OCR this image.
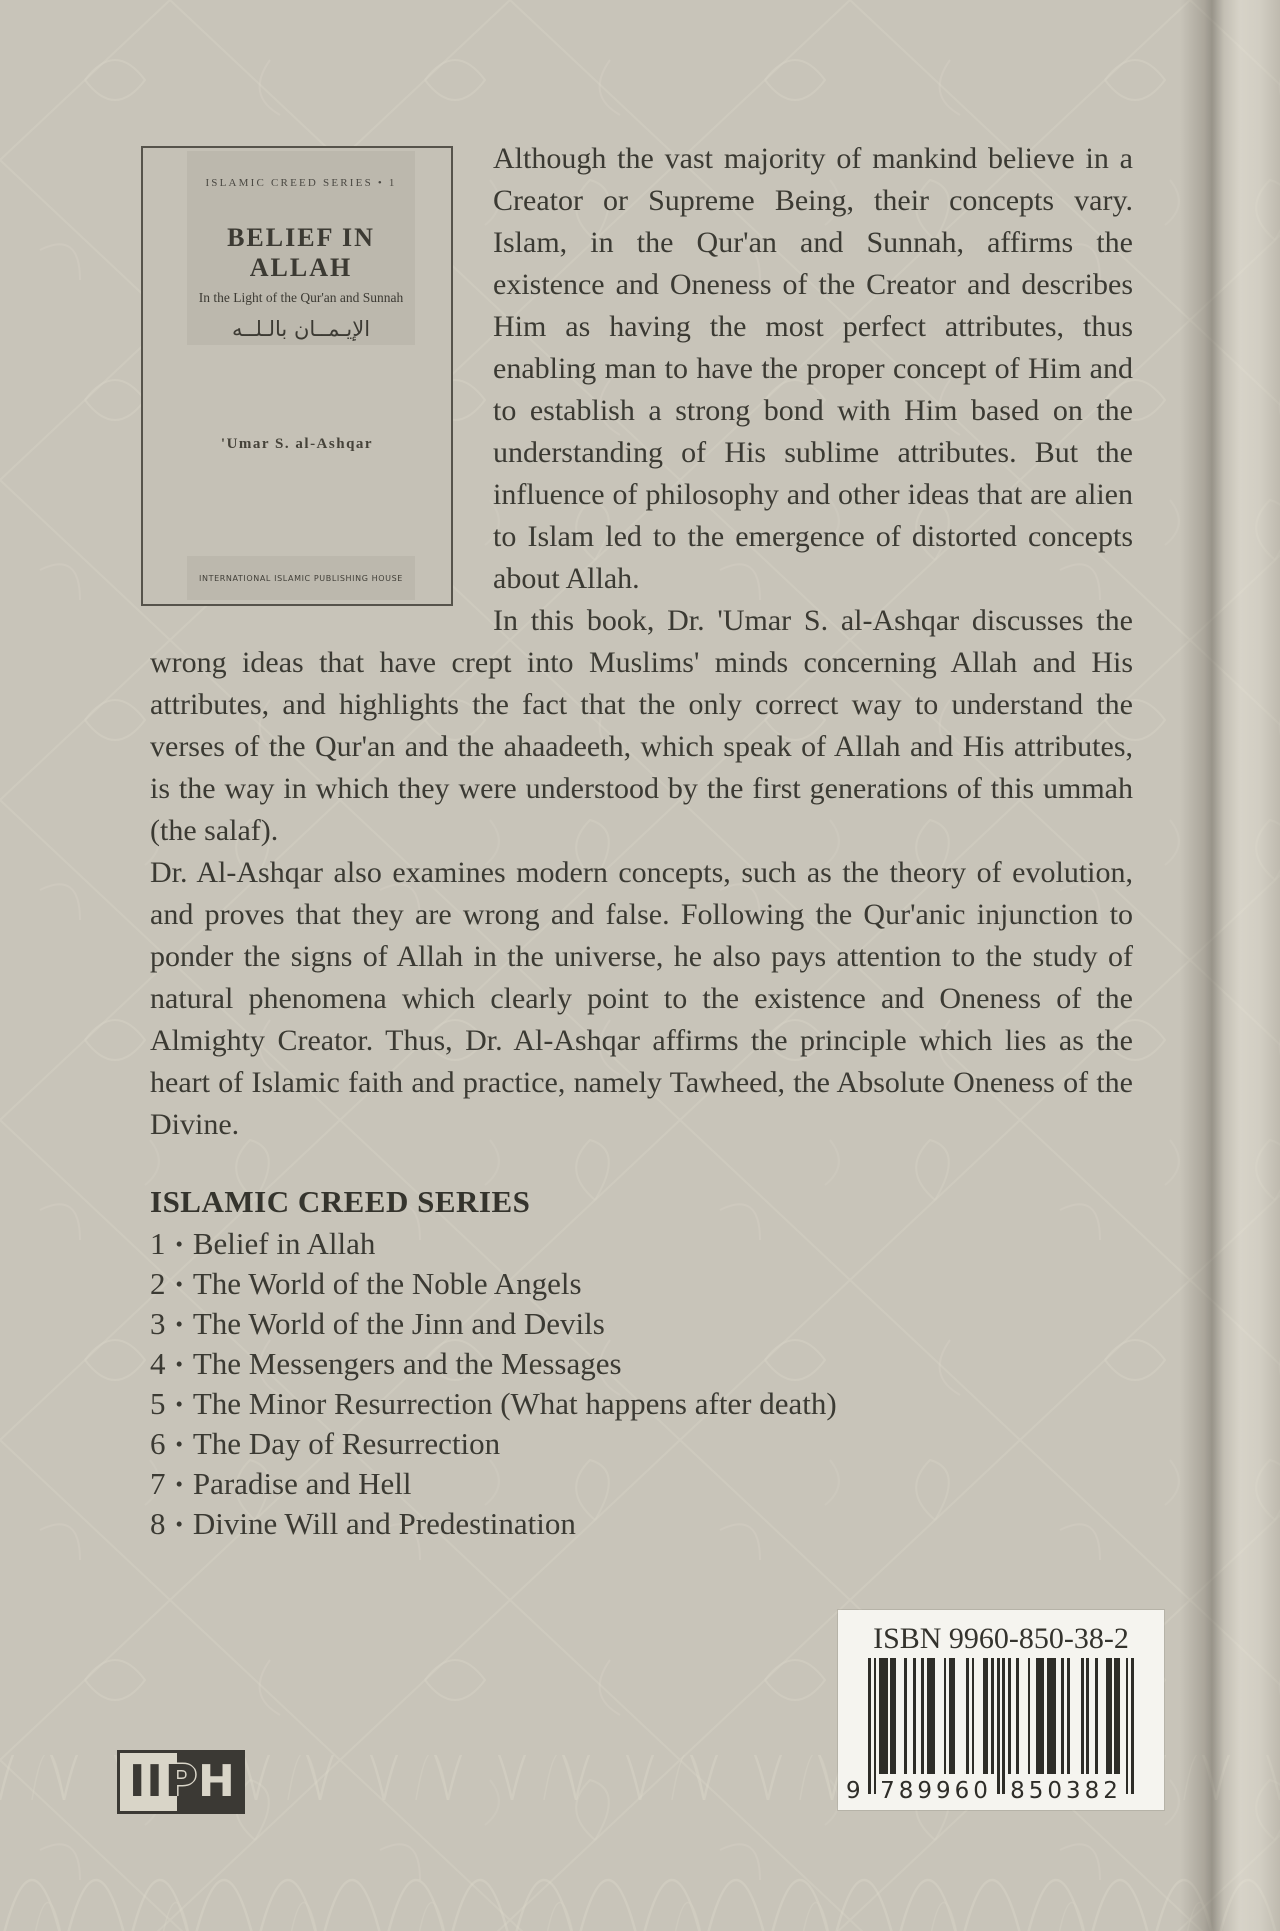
ISLAMIC CREED SERIES • 1
BELIEF IN
ALLAH
In the Light of the Qur'an and Sunnah
الإيـمــان بالـلــه
'Umar S. al-Ashqar
INTERNATIONAL ISLAMIC PUBLISHING HOUSE

Although the vast majority of mankind believe in a Creator or Supreme Being, their concepts vary. Islam, in the Qur'an and Sunnah, affirms the existence and Oneness of the Creator and describes Him as having the most perfect attributes, thus enabling man to have the proper concept of Him and to establish a strong bond with Him based on the understanding of His sublime attributes. But the influence of philosophy and other ideas that are alien to Islam led to the emergence of distorted concepts about Allah.

In this book, Dr. 'Umar S. al-Ashqar discusses the wrong ideas that have crept into Muslims' minds concerning Allah and His attributes, and highlights the fact that the only correct way to understand the verses of the Qur'an and the ahaadeeth, which speak of Allah and His attributes, is the way in which they were understood by the first generations of this ummah (the salaf).

Dr. Al-Ashqar also examines modern concepts, such as the theory of evolution, and proves that they are wrong and false. Following the Qur'anic injunction to ponder the signs of Allah in the universe, he also pays attention to the study of natural phenomena which clearly point to the existence and Oneness of the Almighty Creator. Thus, Dr. Al-Ashqar affirms the principle which lies as the heart of Islamic faith and practice, namely Tawheed, the Absolute Oneness of the Divine.

ISLAMIC CREED SERIES
1 • Belief in Allah
2 • The World of the Noble Angels
3 • The World of the Jinn and Devils
4 • The Messengers and the Messages
5 • The Minor Resurrection (What happens after death)
6 • The Day of Resurrection
7 • Paradise and Hell
8 • Divine Will and Predestination
II P H
ISBN 9960-850-38-2
9 789960 850382
